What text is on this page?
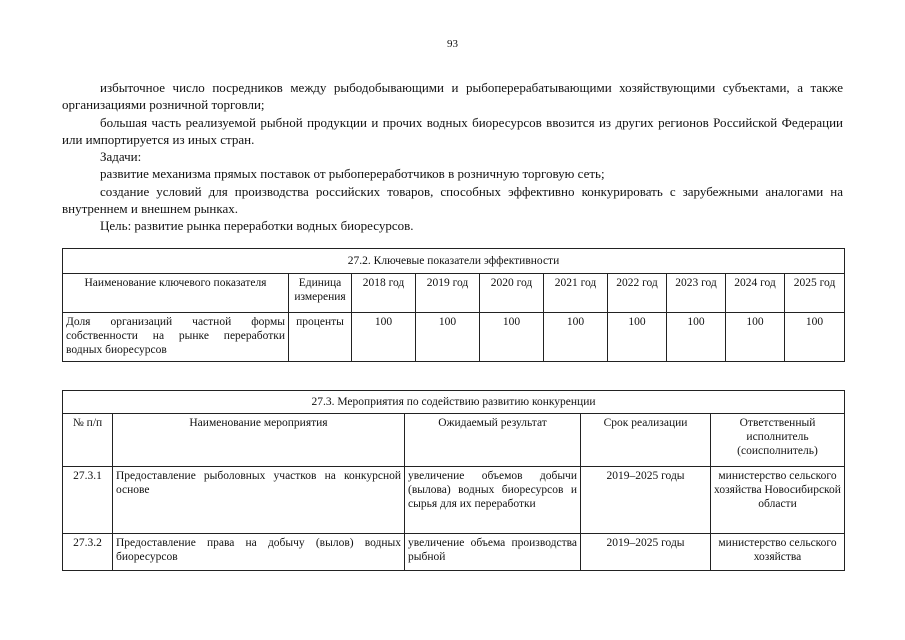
93

избыточное число посредников между рыбодобывающими и рыбоперерабатывающими хозяйствующими субъектами, а также организациями розничной торговли;

большая часть реализуемой рыбной продукции и прочих водных биоресурсов ввозится из других регионов Российской Федерации или импортируется из иных стран.

Задачи:

развитие механизма прямых поставок от рыбопереработчиков в розничную торговую сеть;

создание условий для производства российских товаров, способных эффективно конкурировать с зарубежными аналогами на внутреннем и внешнем рынках.

Цель: развитие рынка переработки водных биоресурсов.

27.2. Ключевые показатели эффективности									
Наименование ключевого показателя	Единица измерения	2018 год	2019 год	2020 год	2021 год	2022 год	2023 год	2024 год	2025 год
Доля организаций частной формы собственности на рынке переработки водных биоресурсов	проценты	100	100	100	100	100	100	100	100
27.3. Мероприятия по содействию развитию конкуренции				
№ п/п	Наименование мероприятия	Ожидаемый результат	Срок реализации	Ответственный исполнитель (соисполнитель)
27.3.1	Предоставление рыболовных участков на конкурсной основе	увеличение объемов добычи (вылова) водных биоресурсов и сырья для их переработки	2019–2025 годы	министерство сельского хозяйства Новосибирской области
27.3.2	Предоставление права на добычу (вылов) водных биоресурсов	увеличение объема производства рыбной	2019–2025 годы	министерство сельского хозяйства
